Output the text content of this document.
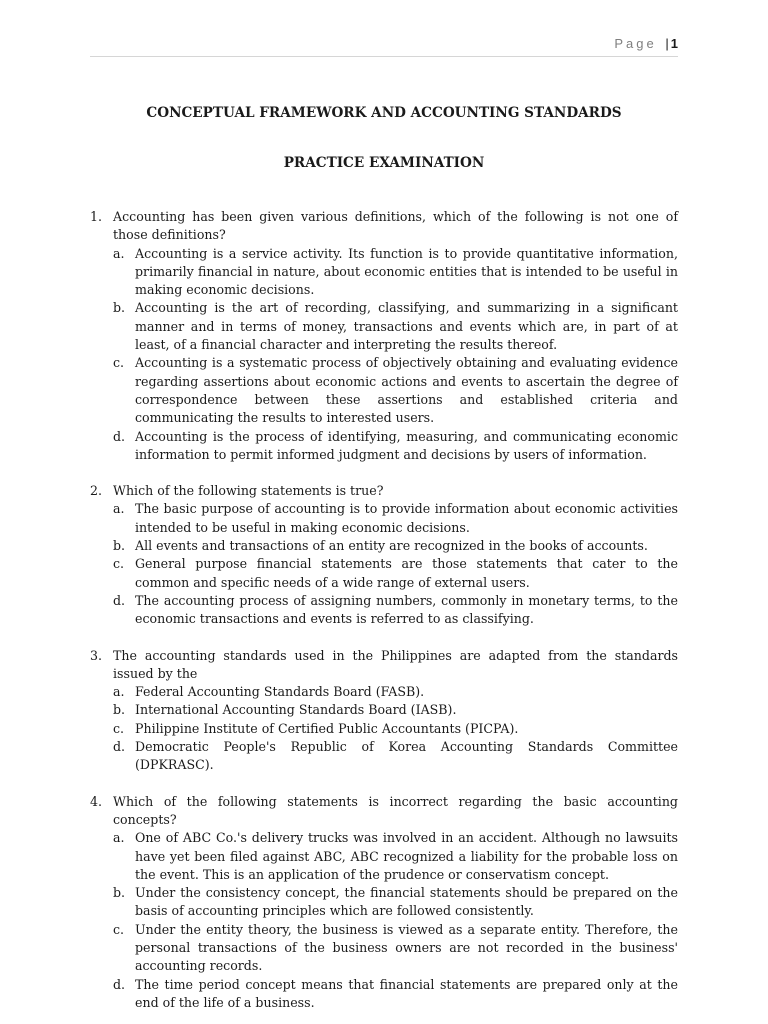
Page | 1
CONCEPTUAL FRAMEWORK AND ACCOUNTING STANDARDS
PRACTICE EXAMINATION
1. Accounting has been given various definitions, which of the following is not one of those definitions?
a. Accounting is a service activity. Its function is to provide quantitative information, primarily financial in nature, about economic entities that is intended to be useful in making economic decisions.
b. Accounting is the art of recording, classifying, and summarizing in a significant manner and in terms of money, transactions and events which are, in part of at least, of a financial character and interpreting the results thereof.
c. Accounting is a systematic process of objectively obtaining and evaluating evidence regarding assertions about economic actions and events to ascertain the degree of correspondence between these assertions and established criteria and communicating the results to interested users.
d. Accounting is the process of identifying, measuring, and communicating economic information to permit informed judgment and decisions by users of information.
2. Which of the following statements is true?
a. The basic purpose of accounting is to provide information about economic activities intended to be useful in making economic decisions.
b. All events and transactions of an entity are recognized in the books of accounts.
c. General purpose financial statements are those statements that cater to the common and specific needs of a wide range of external users.
d. The accounting process of assigning numbers, commonly in monetary terms, to the economic transactions and events is referred to as classifying.
3. The accounting standards used in the Philippines are adapted from the standards issued by the
a. Federal Accounting Standards Board (FASB).
b. International Accounting Standards Board (IASB).
c. Philippine Institute of Certified Public Accountants (PICPA).
d. Democratic People's Republic of Korea Accounting Standards Committee (DPKRASC).
4. Which of the following statements is incorrect regarding the basic accounting concepts?
a. One of ABC Co.'s delivery trucks was involved in an accident. Although no lawsuits have yet been filed against ABC, ABC recognized a liability for the probable loss on the event. This is an application of the prudence or conservatism concept.
b. Under the consistency concept, the financial statements should be prepared on the basis of accounting principles which are followed consistently.
c. Under the entity theory, the business is viewed as a separate entity. Therefore, the personal transactions of the business owners are not recorded in the business' accounting records.
d. The time period concept means that financial statements are prepared only at the end of the life of a business.
